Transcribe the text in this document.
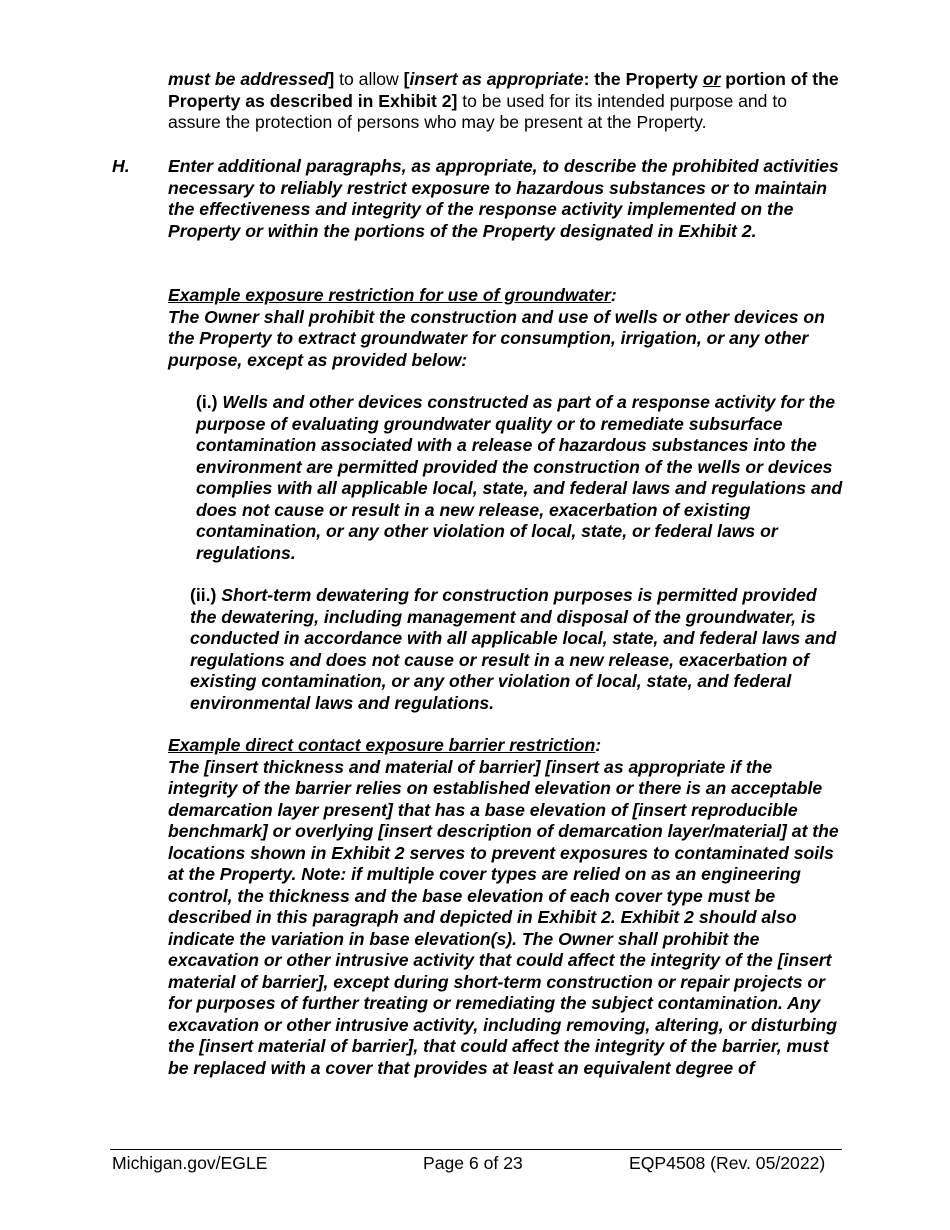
must be addressed] to allow [insert as appropriate: the Property or portion of the Property as described in Exhibit 2] to be used for its intended purpose and to assure the protection of persons who may be present at the Property.
H. Enter additional paragraphs, as appropriate, to describe the prohibited activities necessary to reliably restrict exposure to hazardous substances or to maintain the effectiveness and integrity of the response activity implemented on the Property or within the portions of the Property designated in Exhibit 2.
Example exposure restriction for use of groundwater:
The Owner shall prohibit the construction and use of wells or other devices on the Property to extract groundwater for consumption, irrigation, or any other purpose, except as provided below:
(i.) Wells and other devices constructed as part of a response activity for the purpose of evaluating groundwater quality or to remediate subsurface contamination associated with a release of hazardous substances into the environment are permitted provided the construction of the wells or devices complies with all applicable local, state, and federal laws and regulations and does not cause or result in a new release, exacerbation of existing contamination, or any other violation of local, state, or federal laws or regulations.
(ii.) Short-term dewatering for construction purposes is permitted provided the dewatering, including management and disposal of the groundwater, is conducted in accordance with all applicable local, state, and federal laws and regulations and does not cause or result in a new release, exacerbation of existing contamination, or any other violation of local, state, and federal environmental laws and regulations.
Example direct contact exposure barrier restriction:
The [insert thickness and material of barrier] [insert as appropriate if the integrity of the barrier relies on established elevation or there is an acceptable demarcation layer present] that has a base elevation of [insert reproducible benchmark] or overlying [insert description of demarcation layer/material] at the locations shown in Exhibit 2 serves to prevent exposures to contaminated soils at the Property. Note: if multiple cover types are relied on as an engineering control, the thickness and the base elevation of each cover type must be described in this paragraph and depicted in Exhibit 2. Exhibit 2 should also indicate the variation in base elevation(s). The Owner shall prohibit the excavation or other intrusive activity that could affect the integrity of the [insert material of barrier], except during short-term construction or repair projects or for purposes of further treating or remediating the subject contamination. Any excavation or other intrusive activity, including removing, altering, or disturbing the [insert material of barrier], that could affect the integrity of the barrier, must be replaced with a cover that provides at least an equivalent degree of
Michigan.gov/EGLE	Page 6 of 23	EQP4508 (Rev. 05/2022)
